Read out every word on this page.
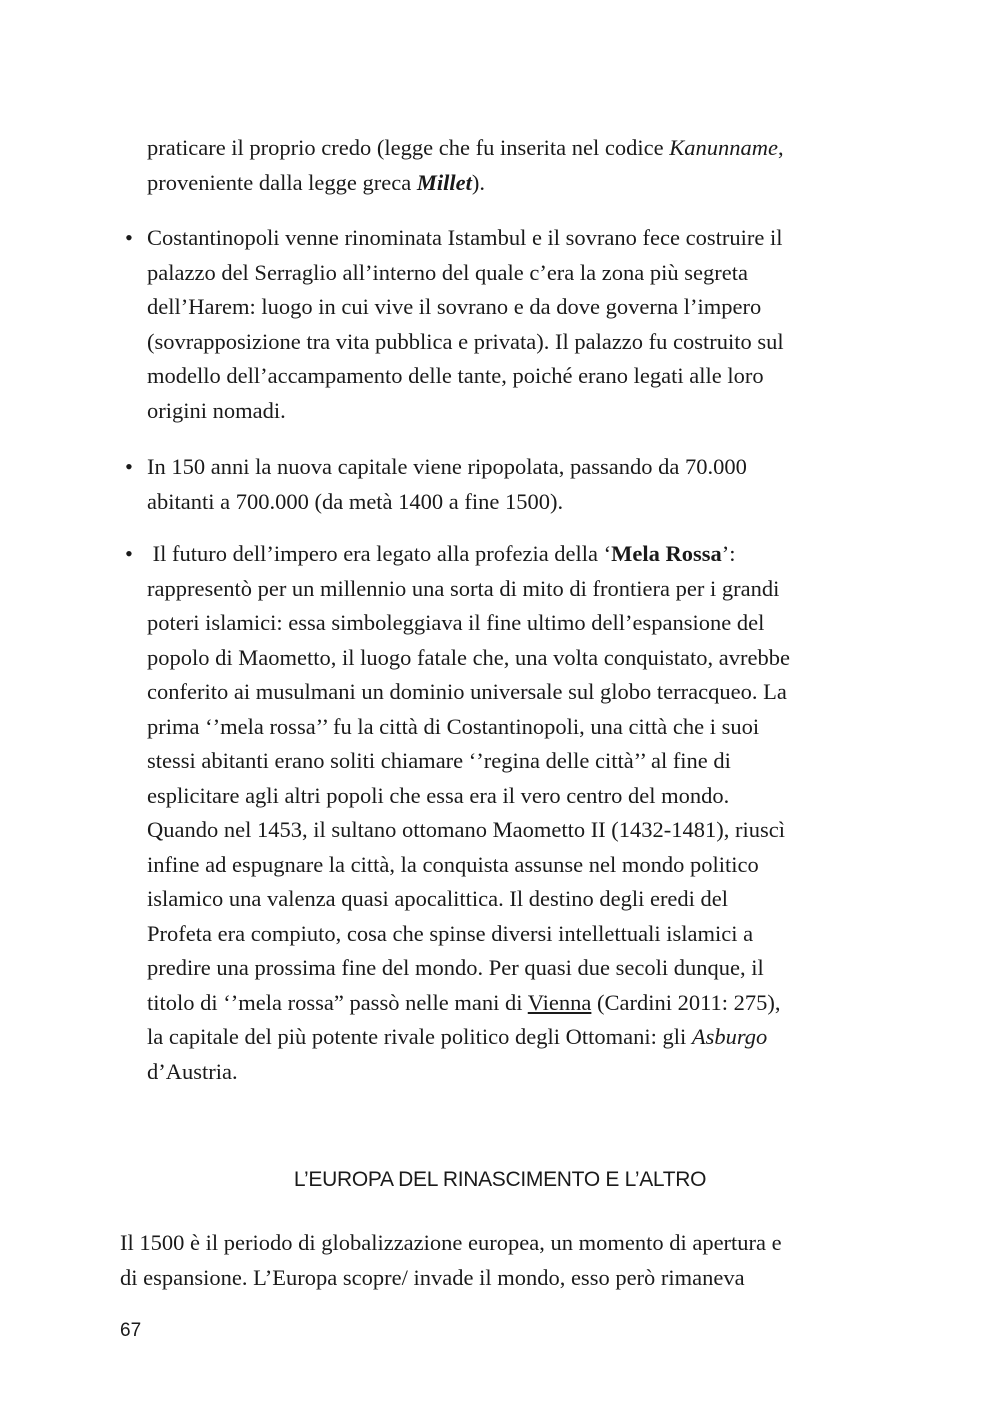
praticare il proprio credo (legge che fu inserita nel codice Kanunname,
proveniente dalla legge greca Millet).
• Costantinopoli venne rinominata Istambul e il sovrano fece costruire il
palazzo del Serraglio all’interno del quale c’era la zona più segreta
dell’Harem: luogo in cui vive il sovrano e da dove governa l’impero
(sovrapposizione tra vita pubblica e privata). Il palazzo fu costruito sul
modello dell’accampamento delle tante, poiché erano legati alle loro
origini nomadi.
• In 150 anni la nuova capitale viene ripopolata, passando da 70.000
abitanti a 700.000 (da metà 1400 a fine 1500).
• Il futuro dell’impero era legato alla profezia della ‘Mela Rossa’:
rappresentò per un millennio una sorta di mito di frontiera per i grandi
poteri islamici: essa simboleggiava il fine ultimo dell’espansione del
popolo di Maometto, il luogo fatale che, una volta conquistato, avrebbe
conferito ai musulmani un dominio universale sul globo terracqueo. La
prima ‘’mela rossa’’ fu la città di Costantinopoli, una città che i suoi
stessi abitanti erano soliti chiamare ‘’regina delle città’’ al fine di
esplicitare agli altri popoli che essa era il vero centro del mondo.
Quando nel 1453, il sultano ottomano Maometto II (1432-1481), riuscì
infine ad espugnare la città, la conquista assunse nel mondo politico
islamico una valenza quasi apocalittica. Il destino degli eredi del
Profeta era compiuto, cosa che spinse diversi intellettuali islamici a
predire una prossima fine del mondo. Per quasi due secoli dunque, il
titolo di ‘’mela rossa” passò nelle mani di Vienna (Cardini 2011: 275),
la capitale del più potente rivale politico degli Ottomani: gli Asburgo
d’Austria.
L’EUROPA DEL RINASCIMENTO E L’ALTRO
Il 1500 è il periodo di globalizzazione europea, un momento di apertura e
di espansione. L’Europa scopre/ invade il mondo, esso però rimaneva
67
